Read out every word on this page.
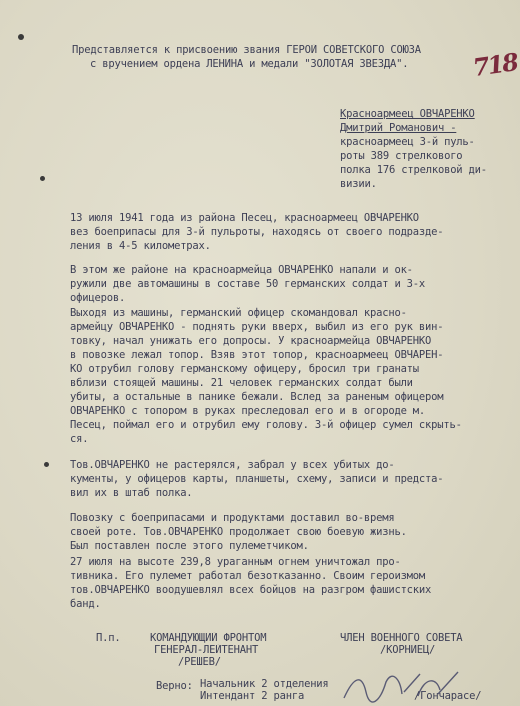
718
Представляется к присвоению звания ГЕРОЙ СОВЕТСКОГО СОЮЗА
с вручением ордена ЛЕНИНА и медали "ЗОЛОТАЯ ЗВЕЗДА".
Красноармеец ОВЧАРЕНКО
Дмитрий Романович -
красноармеец 3-й пуль-
роты 389 стрелкового
полка 176 стрелковой ди-
визии.
13 июля 1941 года из района Песец, красноармеец ОВЧАРЕНКО
вез боеприпасы для 3-й пульроты, находясь от своего подразде-
ления в 4-5 километрах.
В этом же районе на красноармейца ОВЧАРЕНКО напали и ок-
ружили две автомашины в составе 50 германских солдат и 3-х
офицеров.
Выходя из машины, германский офицер скомандовал красно-
армейцу ОВЧАРЕНКО - поднять руки вверх, выбил из его рук вин-
товку, начал унижать его допросы. У красноармейца ОВЧАРЕНКО
в повозке лежал топор. Взяв этот топор, красноармеец ОВЧАРЕН-
КО отрубил голову германскому офицеру, бросил три гранаты
вблизи стоящей машины. 21 человек германских солдат были
убиты, а остальные в панике бежали. Вслед за раненым офицером
ОВЧАРЕНКО с топором в руках преследовал его и в огороде м.
Песец, поймал его и отрубил ему голову. 3-й офицер сумел скрыть-
ся.
Тов.ОВЧАРЕНКО не растерялся, забрал у всех убитых до-
кументы, у офицеров карты, планшеты, схему, записи и предста-
вил их в штаб полка.
Повозку с боеприпасами и продуктами доставил во-время
своей роте. Тов.ОВЧАРЕНКО продолжает свою боевую жизнь.
Был поставлен после этого пулеметчиком.
27 июля на высоте 239,8 ураганным огнем уничтожал про-
тивника. Его пулемет работал безотказанно. Своим героизмом
тов.ОВЧАРЕНКО воодушевлял всех бойцов на разгром фашистских
банд.
П.п.	КОМАНДУЮЩИЙ ФРОНТОМ
ГЕНЕРАЛ-ЛЕЙТЕНАНТ
/РЕШЕВ/
ЧЛЕН ВОЕННОГО СОВЕТА
/КОРНИЕЦ/
Верно: Начальник 2 отделения
Интендант 2 ранга	/Гончарасе/
